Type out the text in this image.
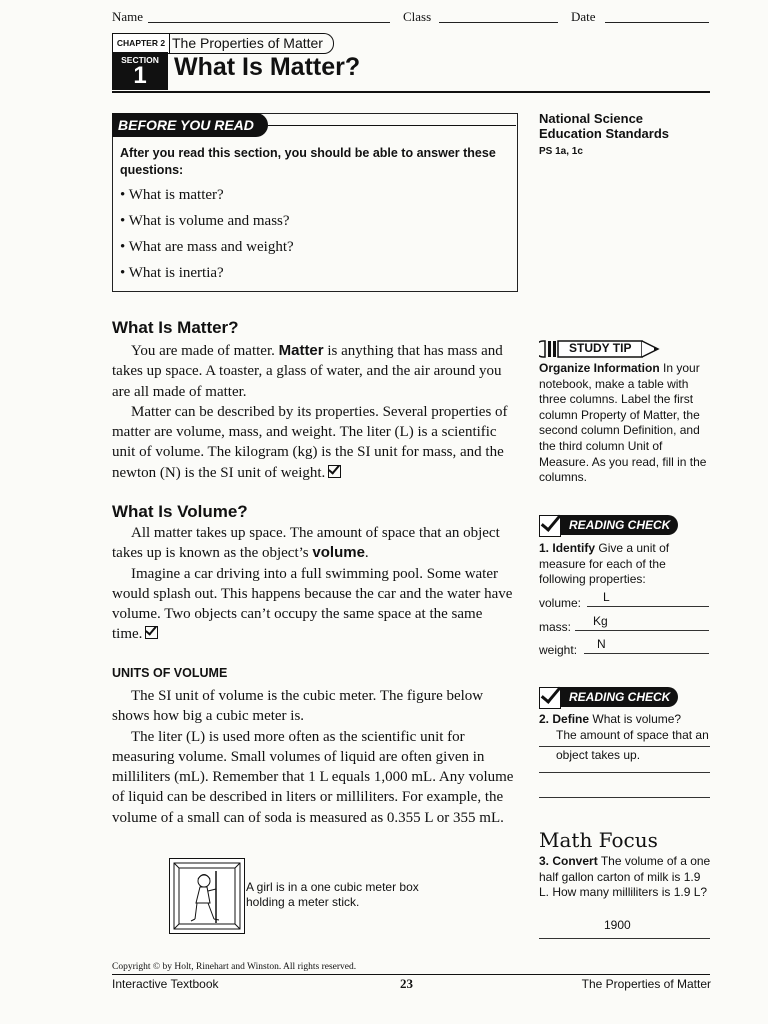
Name	Class	Date
CHAPTER 2 The Properties of Matter
SECTION
1	What Is Matter?
BEFORE YOU READ
After you read this section, you should be able to answer these questions:
• What is matter?
• What is volume and mass?
• What are mass and weight?
• What is inertia?
National Science Education Standards
PS 1a, 1c
What Is Matter?

You are made of matter. Matter is anything that has mass and takes up space. A toaster, a glass of water, and the air around you are all made of matter.

Matter can be described by its properties. Several properties of matter are volume, mass, and weight. The liter (L) is a scientific unit of volume. The kilogram (kg) is the SI unit for mass, and the newton (N) is the SI unit of weight.

What Is Volume?

All matter takes up space. The amount of space that an object takes up is known as the object’s volume.

Imagine a car driving into a full swimming pool. Some water would splash out. This happens because the car and the water have volume. Two objects can’t occupy the same space at the same time.

UNITS OF VOLUME

The SI unit of volume is the cubic meter. The figure below shows how big a cubic meter is.

The liter (L) is used more often as the scientific unit for measuring volume. Small volumes of liquid are often given in milliliters (mL). Remember that 1 L equals 1,000 mL. Any volume of liquid can be described in liters or milliliters. For example, the volume of a small can of soda is measured as 0.355 L or 355 mL.

A girl is in a one cubic meter box holding a meter stick.
STUDY TIP
Organize Information In your notebook, make a table with three columns. Label the first column Property of Matter, the second column Definition, and the third column Unit of Measure. As you read, fill in the columns.
READING CHECK
1. Identify Give a unit of measure for each of the following properties:
volume: L
mass: Kg
weight: N
READING CHECK
2. Define What is volume?
The amount of space that an
object takes up.
Math Focus
3. Convert The volume of a one half gallon carton of milk is 1.9 L. How many milliliters is 1.9 L?
1900
Copyright © by Holt, Rinehart and Winston. All rights reserved.
Interactive Textbook	23	The Properties of Matter
